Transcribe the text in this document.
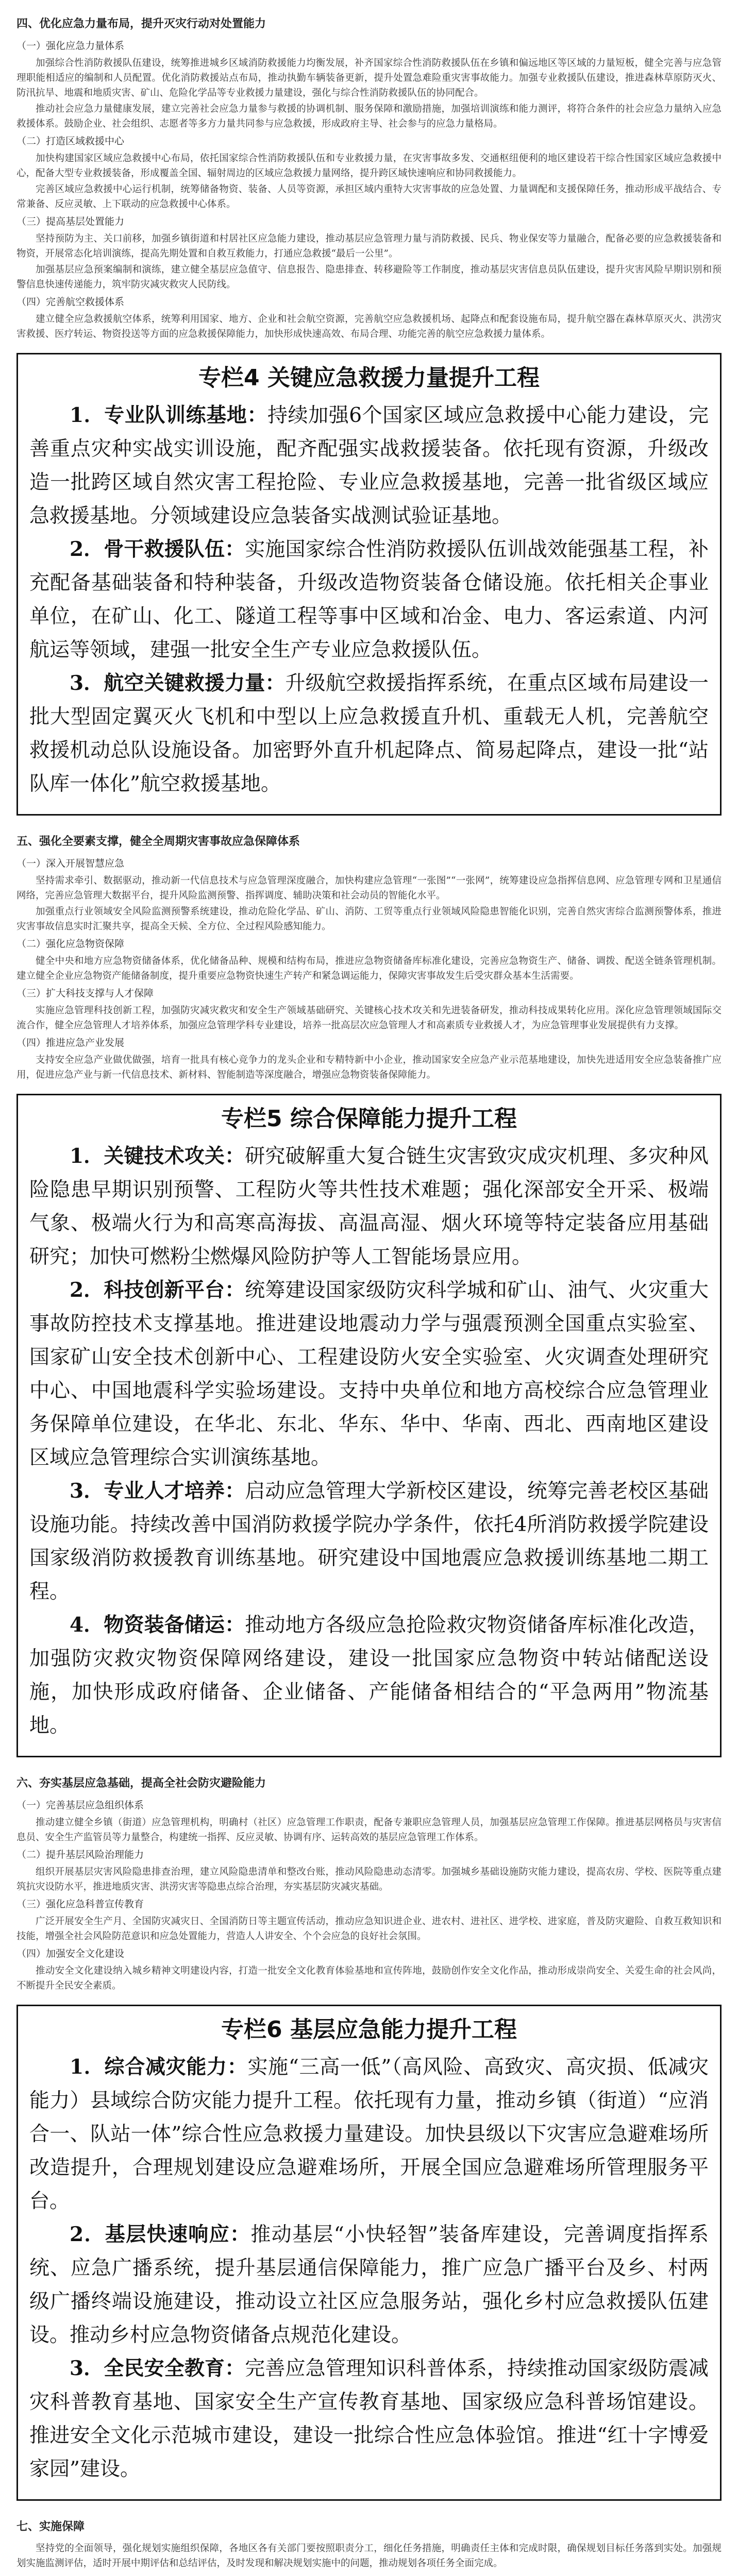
四、优化应急力量布局，提升灭灾行动对处置能力
（一）强化应急力量体系

加强综合性消防救援队伍建设，统筹推进城乡区域消防救援能力均衡发展，补齐国家综合性消防救援队伍在乡镇和偏远地区等区域的力量短板，健全完善与应急管理职能相适应的编制和人员配置。优化消防救援站点布局，推动执勤车辆装备更新，提升处置急难险重灾害事故能力。加强专业救援队伍建设，推进森林草原防灭火、防汛抗旱、地震和地质灾害、矿山、危险化学品等专业救援力量建设，强化与综合性消防救援队伍的协同配合。

推动社会应急力量健康发展，建立完善社会应急力量参与救援的协调机制、服务保障和激励措施，加强培训演练和能力测评，将符合条件的社会应急力量纳入应急救援体系。鼓励企业、社会组织、志愿者等多方力量共同参与应急救援，形成政府主导、社会参与的应急力量格局。

（二）打造区域救援中心

加快构建国家区域应急救援中心布局，依托国家综合性消防救援队伍和专业救援力量，在灾害事故多发、交通枢纽便利的地区建设若干综合性国家区域应急救援中心，配备大型专业救援装备，形成覆盖全国、辐射周边的区域应急救援力量网络，提升跨区域快速响应和协同救援能力。

完善区域应急救援中心运行机制，统筹储备物资、装备、人员等资源，承担区域内重特大灾害事故的应急处置、力量调配和支援保障任务，推动形成平战结合、专常兼备、反应灵敏、上下联动的应急救援中心体系。

（三）提高基层处置能力

坚持预防为主、关口前移，加强乡镇街道和村居社区应急能力建设，推动基层应急管理力量与消防救援、民兵、物业保安等力量融合，配备必要的应急救援装备和物资，开展常态化培训演练，提高先期处置和自救互救能力，打通应急救援“最后一公里”。

加强基层应急预案编制和演练，建立健全基层应急值守、信息报告、隐患排查、转移避险等工作制度，推动基层灾害信息员队伍建设，提升灾害风险早期识别和预警信息快速传递能力，筑牢防灾减灾救灾人民防线。

（四）完善航空救援体系

建立健全应急救援航空体系，统筹利用国家、地方、企业和社会航空资源，完善航空应急救援机场、起降点和配套设施布局，提升航空器在森林草原灭火、洪涝灾害救援、医疗转运、物资投送等方面的应急救援保障能力，加快形成快速高效、布局合理、功能完善的航空应急救援力量体系。

专栏4 关键应急救援力量提升工程

1．专业队训练基地：持续加强6个国家区域应急救援中心能力建设，完善重点灾种实战实训设施，配齐配强实战救援装备。依托现有资源，升级改造一批跨区域自然灾害工程抢险、专业应急救援基地，完善一批省级区域应急救援基地。分领域建设应急装备实战测试验证基地。

2．骨干救援队伍：实施国家综合性消防救援队伍训战效能强基工程，补充配备基础装备和特种装备，升级改造物资装备仓储设施。依托相关企事业单位，在矿山、化工、隧道工程等事中区域和冶金、电力、客运索道、内河航运等领域，建强一批安全生产专业应急救援队伍。

3．航空关键救援力量：升级航空救援指挥系统，在重点区域布局建设一批大型固定翼灭火飞机和中型以上应急救援直升机、重载无人机，完善航空救援机动总队设施设备。加密野外直升机起降点、简易起降点，建设一批“站队库一体化”航空救援基地。

五、强化全要素支撑，健全全周期灾害事故应急保障体系
（一）深入开展智慧应急

坚持需求牵引、数据驱动，推动新一代信息技术与应急管理深度融合，加快构建应急管理“一张图”“一张网”，统筹建设应急指挥信息网、应急管理专网和卫星通信网络，完善应急管理大数据平台，提升风险监测预警、指挥调度、辅助决策和社会动员的智能化水平。

加强重点行业领域安全风险监测预警系统建设，推动危险化学品、矿山、消防、工贸等重点行业领域风险隐患智能化识别，完善自然灾害综合监测预警体系，推进灾害事故信息实时汇聚共享，提高全天候、全方位、全过程风险感知能力。

（二）强化应急物资保障

健全中央和地方应急物资储备体系，优化储备品种、规模和结构布局，推进应急物资储备库标准化建设，完善应急物资生产、储备、调拨、配送全链条管理机制。建立健全企业应急物资产能储备制度，提升重要应急物资快速生产转产和紧急调运能力，保障灾害事故发生后受灾群众基本生活需要。

（三）扩大科技支撑与人才保障

实施应急管理科技创新工程，加强防灾减灾救灾和安全生产领域基础研究、关键核心技术攻关和先进装备研发，推动科技成果转化应用。深化应急管理领域国际交流合作，健全应急管理人才培养体系，加强应急管理学科专业建设，培养一批高层次应急管理人才和高素质专业救援人才，为应急管理事业发展提供有力支撑。

（四）推进应急产业发展

支持安全应急产业做优做强，培育一批具有核心竞争力的龙头企业和专精特新中小企业，推动国家安全应急产业示范基地建设，加快先进适用安全应急装备推广应用，促进应急产业与新一代信息技术、新材料、智能制造等深度融合，增强应急物资装备保障能力。

专栏5 综合保障能力提升工程

1．关键技术攻关：研究破解重大复合链生灾害致灾成灾机理、多灾种风险隐患早期识别预警、工程防火等共性技术难题；强化深部安全开采、极端气象、极端火行为和高寒高海拔、高温高湿、烟火环境等特定装备应用基础研究；加快可燃粉尘燃爆风险防护等人工智能场景应用。

2．科技创新平台：统筹建设国家级防灾科学城和矿山、油气、火灾重大事故防控技术支撑基地。推进建设地震动力学与强震预测全国重点实验室、国家矿山安全技术创新中心、工程建设防火安全实验室、火灾调查处理研究中心、中国地震科学实验场建设。支持中央单位和地方高校综合应急管理业务保障单位建设，在华北、东北、华东、华中、华南、西北、西南地区建设区域应急管理综合实训演练基地。

3．专业人才培养：启动应急管理大学新校区建设，统筹完善老校区基础设施功能。持续改善中国消防救援学院办学条件，依托4所消防救援学院建设国家级消防救援教育训练基地。研究建设中国地震应急救援训练基地二期工程。

4．物资装备储运：推动地方各级应急抢险救灾物资储备库标准化改造，加强防灾救灾物资保障网络建设，建设一批国家应急物资中转站储配送设施，加快形成政府储备、企业储备、产能储备相结合的“平急两用”物流基地。

六、夯实基层应急基础，提高全社会防灾避险能力
（一）完善基层应急组织体系

推动建立健全乡镇（街道）应急管理机构，明确村（社区）应急管理工作职责，配备专兼职应急管理人员，加强基层应急管理工作保障。推进基层网格员与灾害信息员、安全生产监管员等力量整合，构建统一指挥、反应灵敏、协调有序、运转高效的基层应急管理工作体系。

（二）提升基层风险治理能力

组织开展基层灾害风险隐患排查治理，建立风险隐患清单和整改台账，推动风险隐患动态清零。加强城乡基础设施防灾能力建设，提高农房、学校、医院等重点建筑抗灾设防水平，推进地质灾害、洪涝灾害等隐患点综合治理，夯实基层防灾减灾基础。

（三）强化应急科普宣传教育

广泛开展安全生产月、全国防灾减灾日、全国消防日等主题宣传活动，推动应急知识进企业、进农村、进社区、进学校、进家庭，普及防灾避险、自救互救知识和技能，增强全社会风险防范意识和应急处置能力，营造人人讲安全、个个会应急的良好社会氛围。

（四）加强安全文化建设

推动安全文化建设纳入城乡精神文明建设内容，打造一批安全文化教育体验基地和宣传阵地，鼓励创作安全文化作品，推动形成崇尚安全、关爱生命的社会风尚，不断提升全民安全素质。

专栏6 基层应急能力提升工程

1．综合减灾能力：实施“三高一低”（高风险、高致灾、高灾损、低减灾能力）县域综合防灾能力提升工程。依托现有力量，推动乡镇（街道）“应消合一、队站一体”综合性应急救援力量建设。加快县级以下灾害应急避难场所改造提升，合理规划建设应急避难场所，开展全国应急避难场所管理服务平台。

2．基层快速响应：推动基层“小快轻智”装备库建设，完善调度指挥系统、应急广播系统，提升基层通信保障能力，推广应急广播平台及乡、村两级广播终端设施建设，推动设立社区应急服务站，强化乡村应急救援队伍建设。推动乡村应急物资储备点规范化建设。

3．全民安全教育：完善应急管理知识科普体系，持续推动国家级防震减灾科普教育基地、国家安全生产宣传教育基地、国家级应急科普场馆建设。推进安全文化示范城市建设，建设一批综合性应急体验馆。推进“红十字博爱家园”建设。

七、实施保障

坚持党的全面领导，强化规划实施组织保障，各地区各有关部门要按照职责分工，细化任务措施，明确责任主体和完成时限，确保规划目标任务落到实处。加强规划实施监测评估，适时开展中期评估和总结评估，及时发现和解决规划实施中的问题，推动规划各项任务全面完成。
